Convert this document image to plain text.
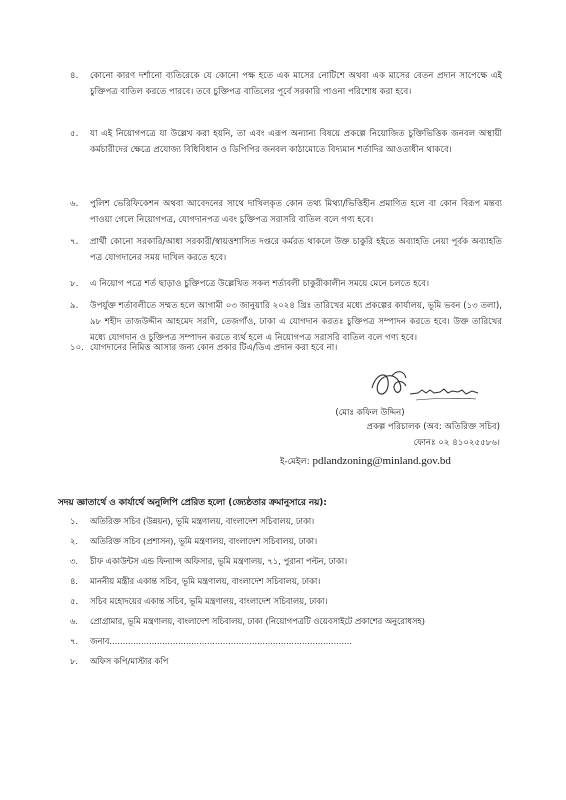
৪.	কোনো কারণ দর্শানো ব্যতিরেকে যে কোনো পক্ষ হতে এক মাসের নোটিশে অথবা এক মাসের বেতন প্রদান সাপেক্ষে এই চুক্তিপত্র বাতিল করতে পারবে। তবে চুক্তিপত্র বাতিলের পূর্বে সরকারি পাওনা পরিশোধ করা হবে।
৫.	যা এই নিয়োগপত্রে যা উল্লেখ করা হয়নি, তা এবং এরূপ অন্যান্য বিষয়ে প্রকল্পে নিয়োজিত চুক্তিভিত্তিক জনবল অস্থায়ী কর্মচারীদের ক্ষেত্রে প্রযোজ্য বিধিবিধান ও ডিপিপির জনবল কাঠামোতে বিদ্যমান শর্তাদির আওতাধীন থাকবে।
৬.	পুলিশ ভেরিফিকেশন অথবা আবেদনের সাথে দাখিলকৃত কোন তথ্য মিথ্যা/ভিত্তিহীন প্রমাণিত হলে বা কোন বিরূপ মন্তব্য পাওয়া গেলে নিয়োগপত্র, যোগদানপত্র এবং চুক্তিপত্র সরাসরি বাতিল বলে গণ্য হবে।
৭.	প্রার্থী কোনো সরকারি/আধা সরকারী/স্বায়ত্তশাসিত দপ্তরে কর্মরত থাকলে উক্ত চাকুরি হইতে অব্যাহতি নেয়া পূর্বক অব্যাহতি পত্র যোগদানের সময় দাখিল করতে হবে।
৮.	এ নিয়োগ পত্রে শর্ত ছাড়াও চুক্তিপত্রে উল্লেখিত সকল শর্তাবলী চাকুরীকালীন সময়ে মেনে চলতে হবে।
৯.	উপর্যুক্ত শর্তাবলীতে সম্মত হলে আগামী ০৩ জানুয়ারি ২০২৪ খ্রিঃ তারিখের মধ্যে প্রকল্পের কার্যালয়, ভূমি ভবন (১৩ তলা), ৯৮ শহীদ তাজউদ্দীন আহমেদ সরণি, তেজগাঁও, ঢাকা এ যোগদান করতঃ চুক্তিপত্র সম্পাদন করতে হবে। উক্ত তারিখের মধ্যে যোগদান ও চুক্তিপত্র সম্পাদন করতে ব্যর্থ হলে এ নিয়োগপত্র সরাসরি বাতিল বলে গণ্য হবে।
১০. যোগদানের নিমিত্ত আসার জন্য কোন প্রকার টিএ/ডিএ প্রদান করা হবে না।
(মোঃ কফিল উদ্দিন)
প্রকল্প পরিচালক (অব: অতিরিক্ত সচিব)
ফোনঃ ০২ ৪১০২৫৫৮৬।
ই-মেইল: pdlandzoning@minland.gov.bd
সদয় জ্ঞাতার্থে ও কার্যার্থে অনুলিপি প্রেরিত হলো (জ্যেষ্ঠতার ক্রমানুসারে নয়):
১. অতিরিক্ত সচিব (উন্নয়ন), ভূমি মন্ত্রণালয়, বাংলাদেশ সচিবালয়, ঢাকা।
২. অতিরিক্ত সচিব (প্রশাসন), ভূমি মন্ত্রণালয়, বাংলাদেশ সচিবালয়, ঢাকা।
৩. চীফ একাউন্টস এন্ড ফিন্যান্স অফিসার, ভূমি মন্ত্রণালয়, ৭১, পুরানা পল্টন, ঢাকা।
৪. মাননীয় মন্ত্রীর একান্ত সচিব, ভূমি মন্ত্রণালয়, বাংলাদেশ সচিবালয়, ঢাকা।
৫. সচিব মহোদয়ের একান্ত সচিব, ভূমি মন্ত্রণালয়, বাংলাদেশ সচিবালয়, ঢাকা।
৬. প্রোগ্রামার, ভূমি মন্ত্রণালয়, বাংলাদেশ সচিবালয়, ঢাকা (নিয়োগপত্রটি ওয়েবসাইটে প্রকাশের অনুরোধসহ)
৭. জনাব............................................................................................
৮. অফিস কপি/মাস্টার কপি
